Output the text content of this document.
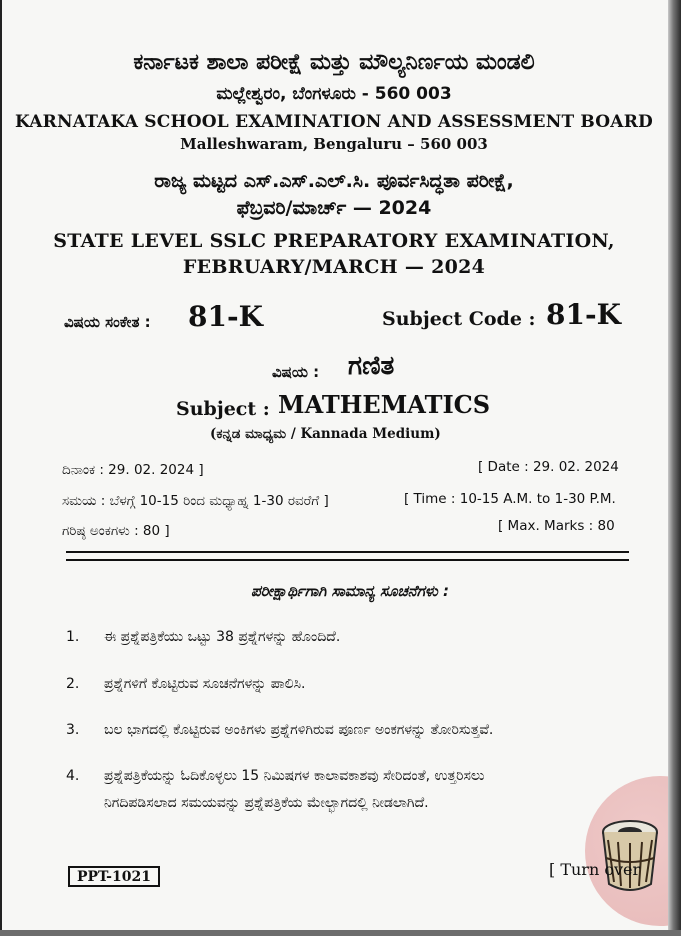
ಕರ್ನಾಟಕ ಶಾಲಾ ಪರೀಕ್ಷೆ ಮತ್ತು ಮೌಲ್ಯನಿರ್ಣಯ ಮಂಡಲಿ
ಮಲ್ಲೇಶ್ವರಂ, ಬೆಂಗಳೂರು - 560 003
KARNATAKA SCHOOL EXAMINATION AND ASSESSMENT BOARD
Malleshwaram, Bengaluru – 560 003
ರಾಜ್ಯ ಮಟ್ಟದ ಎಸ್.ಎಸ್.ಎಲ್.ಸಿ. ಪೂರ್ವಸಿದ್ಧತಾ ಪರೀಕ್ಷೆ,
ಫೆಬ್ರವರಿ/ಮಾರ್ಚ್ — 2024
STATE LEVEL SSLC PREPARATORY EXAMINATION,
FEBRUARY/MARCH — 2024
ವಿಷಯ ಸಂಕೇತ : 81-K	Subject Code : 81-K
ವಿಷಯ : ಗಣಿತ
Subject : MATHEMATICS
(ಕನ್ನಡ ಮಾಧ್ಯಮ / Kannada Medium)
ದಿನಾಂಕ : 29. 02. 2024 ]	[ Date : 29. 02. 2024
ಸಮಯ : ಬೆಳಗ್ಗೆ 10-15 ರಿಂದ ಮಧ್ಯಾಹ್ನ 1-30 ರವರೆಗೆ ]	[ Time : 10-15 A.M. to 1-30 P.M.
ಗರಿಷ್ಠ ಅಂಕಗಳು : 80 ]	[ Max. Marks : 80
ಪರೀಕ್ಷಾರ್ಥಿಗಾಗಿ ಸಾಮಾನ್ಯ ಸೂಚನೆಗಳು :
1. ಈ ಪ್ರಶ್ನೆಪತ್ರಿಕೆಯು ಒಟ್ಟು 38 ಪ್ರಶ್ನೆಗಳನ್ನು ಹೊಂದಿದೆ.
2. ಪ್ರಶ್ನೆಗಳಿಗೆ ಕೊಟ್ಟಿರುವ ಸೂಚನೆಗಳನ್ನು ಪಾಲಿಸಿ.
3. ಬಲ ಭಾಗದಲ್ಲಿ ಕೊಟ್ಟಿರುವ ಅಂಕಿಗಳು ಪ್ರಶ್ನೆಗಳಿಗಿರುವ ಪೂರ್ಣ ಅಂಕಗಳನ್ನು ತೋರಿಸುತ್ತವೆ.
4. ಪ್ರಶ್ನೆಪತ್ರಿಕೆಯನ್ನು ಓದಿಕೊಳ್ಳಲು 15 ನಿಮಿಷಗಳ ಕಾಲಾವಕಾಶವು ಸೇರಿದಂತೆ, ಉತ್ತರಿಸಲು
ನಿಗದಿಪಡಿಸಲಾದ ಸಮಯವನ್ನು ಪ್ರಶ್ನೆಪತ್ರಿಕೆಯ ಮೇಲ್ಭಾಗದಲ್ಲಿ ನೀಡಲಾಗಿದೆ.
PPT-1021	[ Turn over
